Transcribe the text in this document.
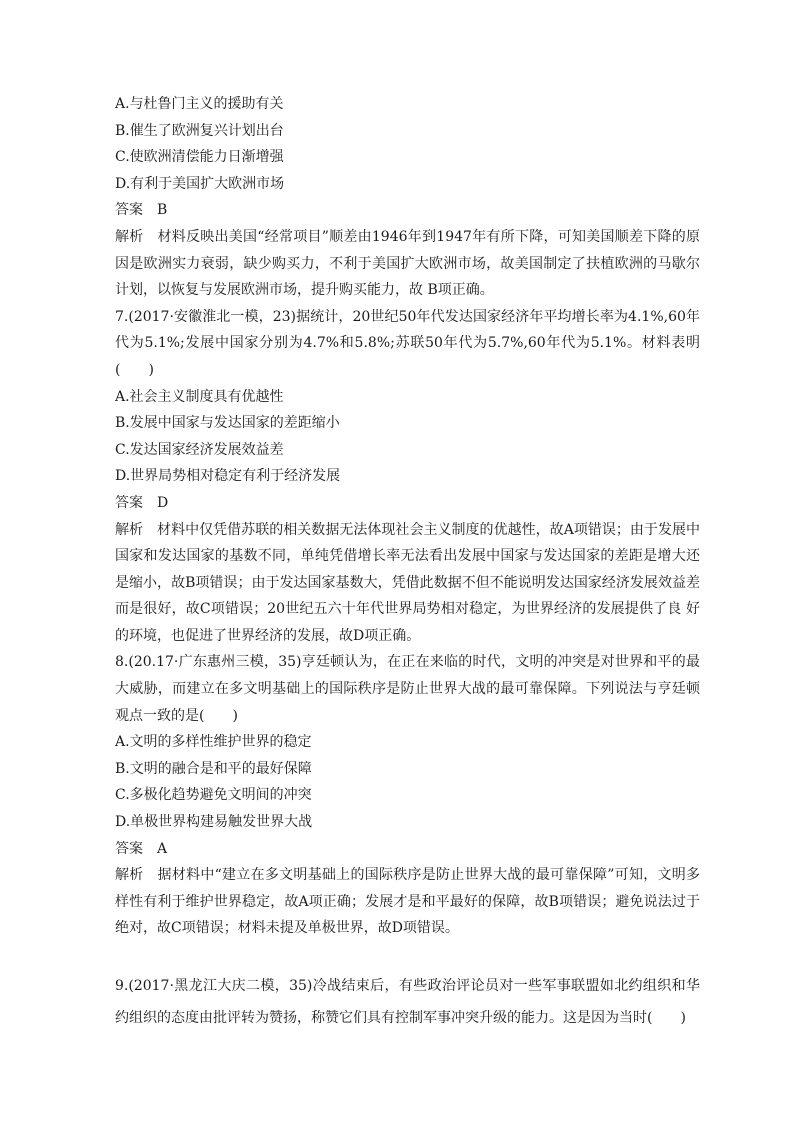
A.与杜鲁门主义的援助有关
B.催生了欧洲复兴计划出台
C.使欧洲清偿能力日渐增强
D.有利于美国扩大欧洲市场
答案 B
解析 材料反映出美国“经常项目”顺差由1946年到1947年有所下降，可知美国顺差下降的原因是欧洲实力衰弱，缺少购买力，不利于美国扩大欧洲市场，故美国制定了扶植欧洲的马歇尔计划，以恢复与发展欧洲市场，提升购买能力，故 B项正确。
7.(2017·安徽淮北一模，23)据统计，20世纪50年代发达国家经济年平均增长率为4.1%,60年代为5.1%;发展中国家分别为4.7%和5.8%;苏联50年代为5.7%,60年代为5.1%。材料表明(　　)
A.社会主义制度具有优越性
B.发展中国家与发达国家的差距缩小
C.发达国家经济发展效益差
D.世界局势相对稳定有利于经济发展
答案 D
解析 材料中仅凭借苏联的相关数据无法体现社会主义制度的优越性，故A项错误；由于发展中国家和发达国家的基数不同，单纯凭借增长率无法看出发展中国家与发达国家的差距是增大还是缩小，故B项错误；由于发达国家基数大，凭借此数据不但不能说明发达国家经济发展效益差而是很好，故C项错误；20世纪五六十年代世界局势相对稳定，为世界经济的发展提供了良 好的环境，也促进了世界经济的发展，故D项正确。
8.(20.17·广东惠州三模，35)亨廷顿认为，在正在来临的时代，文明的冲突是对世界和平的最大威胁，而建立在多文明基础上的国际秩序是防止世界大战的最可靠保障。下列说法与亨廷顿观点一致的是(　　)
A.文明的多样性维护世界的稳定
B.文明的融合是和平的最好保障
C.多极化趋势避免文明间的冲突
D.单极世界构建易触发世界大战
答案 A
解析 据材料中“建立在多文明基础上的国际秩序是防止世界大战的最可靠保障”可知，文明多样性有利于维护世界稳定，故A项正确；发展才是和平最好的保障，故B项错误；避免说法过于绝对，故C项错误；材料未提及单极世界，故D项错误。
9.(2017·黑龙江大庆二模，35)冷战结束后，有些政治评论员对一些军事联盟如北约组织和华约组织的态度由批评转为赞扬，称赞它们具有控制军事冲突升级的能力。这是因为当时(　　)
